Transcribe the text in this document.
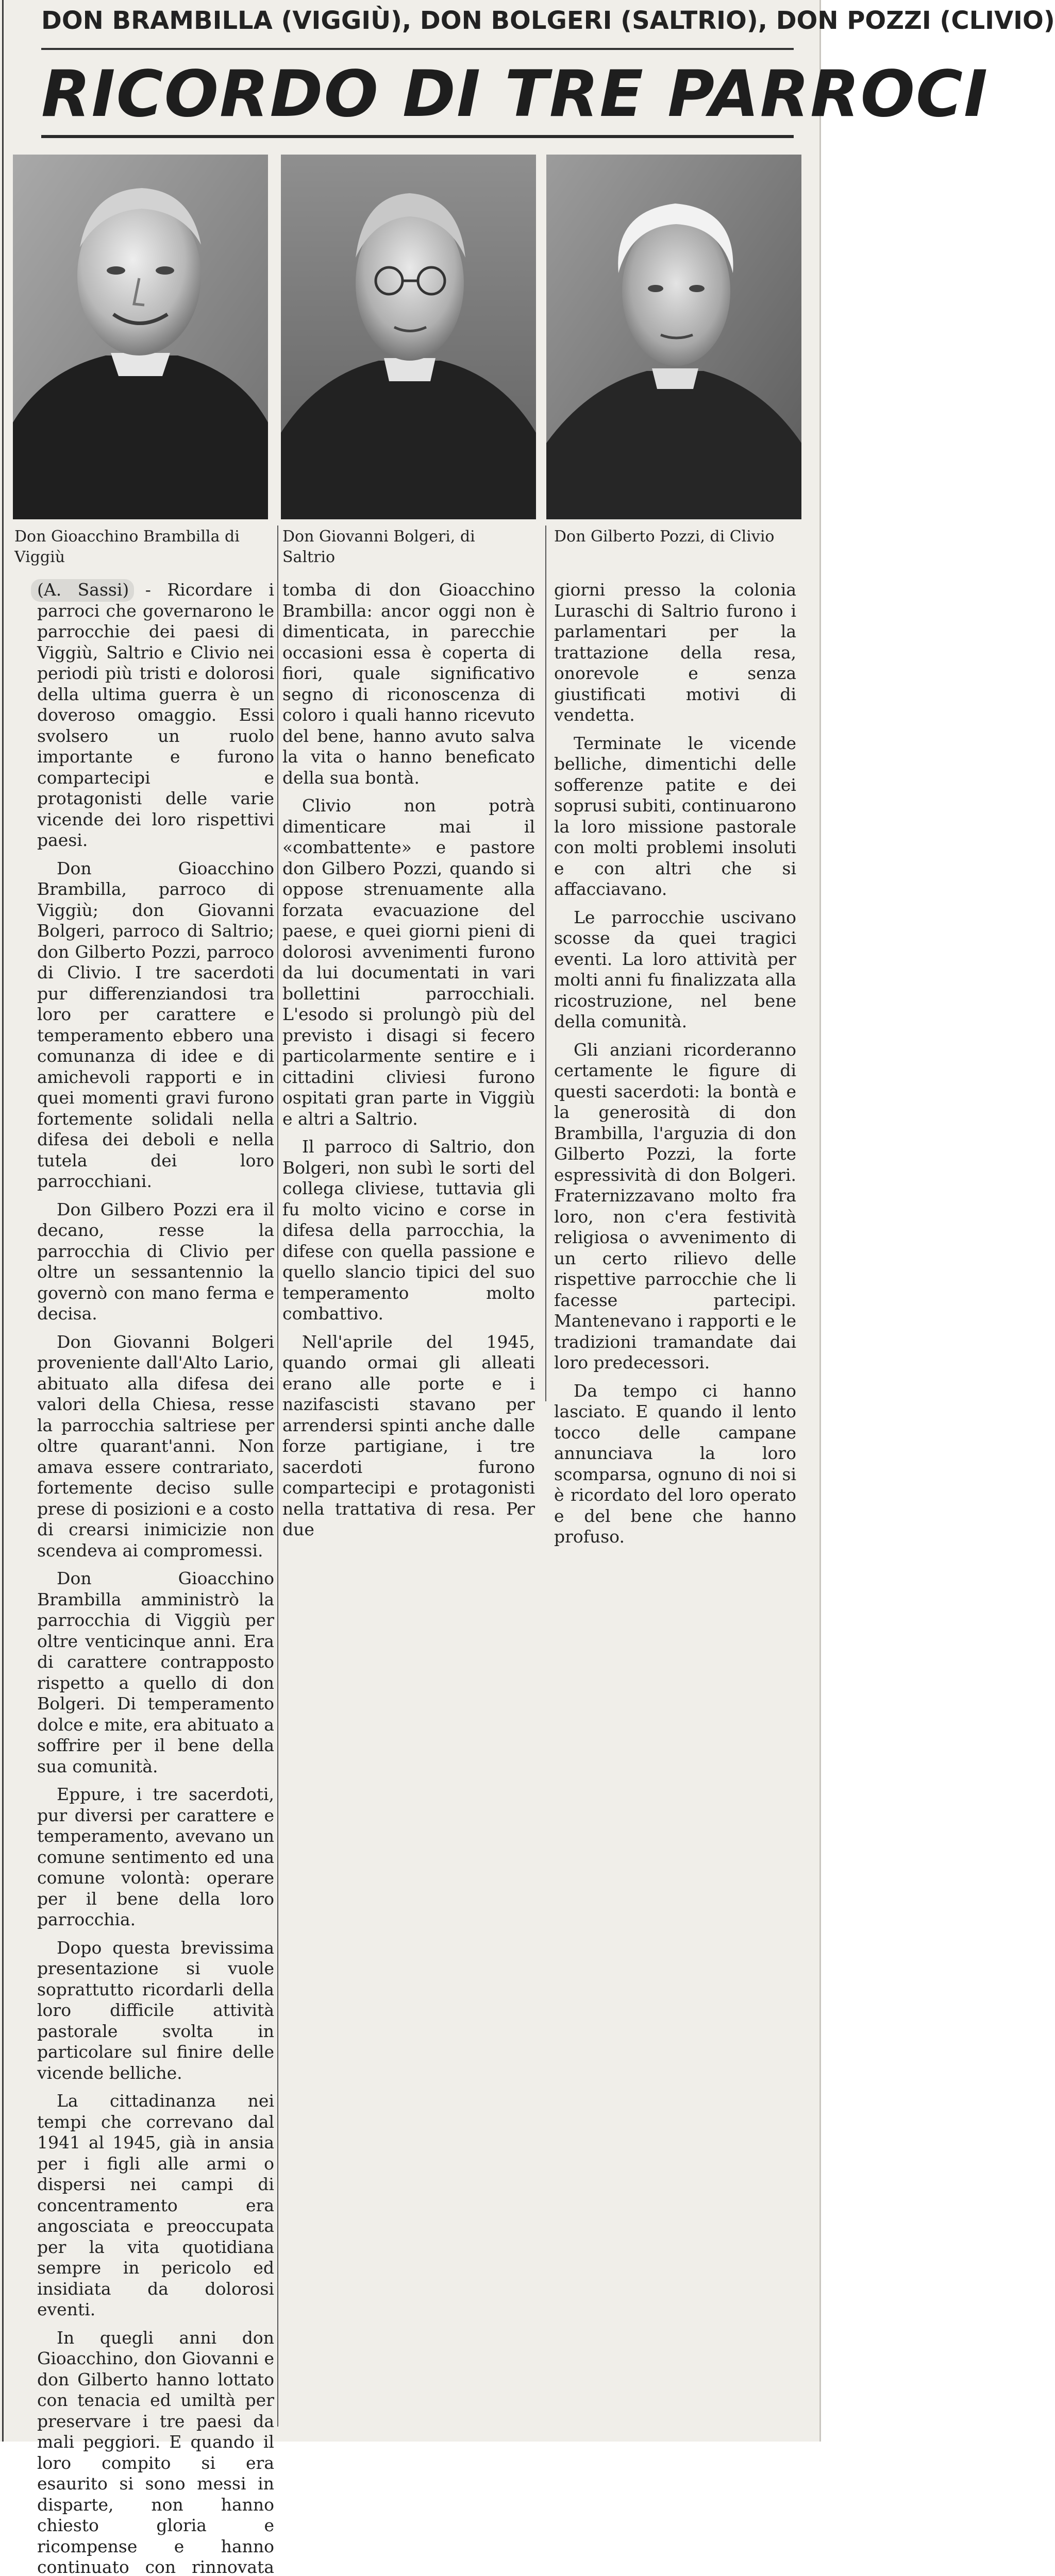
DON BRAMBILLA (VIGGIÙ), DON BOLGERI (SALTRIO), DON POZZI (CLIVIO)
RICORDO DI TRE PARROCI
Don Gioacchino Brambilla di Viggiù
Don Giovanni Bolgeri, di Saltrio
Don Gilberto Pozzi, di Clivio

(A. Sassi) - Ricordare i parroci che governarono le parrocchie dei paesi di Viggiù, Saltrio e Clivio nei periodi più tristi e dolorosi della ultima guerra è un doveroso omaggio. Essi svolsero un ruolo importante e furono compartecipi e protagonisti delle varie vicende dei loro rispettivi paesi.

Don Gioacchino Brambilla, parroco di Viggiù; don Giovanni Bolgeri, parroco di Saltrio; don Gilberto Pozzi, parroco di Clivio. I tre sacerdoti pur differenziandosi tra loro per carattere e temperamento ebbero una comunanza di idee e di amichevoli rapporti e in quei momenti gravi furono fortemente solidali nella difesa dei deboli e nella tutela dei loro parrocchiani.

Don Gilbero Pozzi era il decano, resse la parrocchia di Clivio per oltre un sessantennio la governò con mano ferma e decisa.

Don Giovanni Bolgeri proveniente dall'Alto Lario, abituato alla difesa dei valori della Chiesa, resse la parrocchia saltriese per oltre quarant'anni. Non amava essere contrariato, fortemente deciso sulle prese di posizioni e a costo di crearsi inimicizie non scendeva ai compromessi.

Don Gioacchino Brambilla amministrò la parrocchia di Viggiù per oltre venticinque anni. Era di carattere contrapposto rispetto a quello di don Bolgeri. Di temperamento dolce e mite, era abituato a soffrire per il bene della sua comunità.

Eppure, i tre sacerdoti, pur diversi per carattere e temperamento, avevano un comune sentimento ed una comune volontà: operare per il bene della loro parrocchia.

Dopo questa brevissima presentazione si vuole soprattutto ricordarli della loro difficile attività pastorale svolta in particolare sul finire delle vicende belliche.

La cittadinanza nei tempi che correvano dal 1941 al 1945, già in ansia per i figli alle armi o dispersi nei campi di concentramento era angosciata e preoccupata per la vita quotidiana sempre in pericolo ed insidiata da dolorosi eventi.

In quegli anni don Gioacchino, don Giovanni e don Gilberto hanno lottato con tenacia ed umiltà per preservare i tre paesi da mali peggiori. E quando il loro compito si era esaurito si sono messi in disparte, non hanno chiesto gloria e ricompense e hanno continuato con rinnovata

tomba di don Gioacchino Brambilla: ancor oggi non è dimenticata, in parecchie occasioni essa è coperta di fiori, quale significativo segno di riconoscenza di coloro i quali hanno ricevuto del bene, hanno avuto salva la vita o hanno beneficato della sua bontà.

Clivio non potrà dimenticare mai il «combattente» e pastore don Gilbero Pozzi, quando si oppose strenuamente alla forzata evacuazione del paese, e quei giorni pieni di dolorosi avvenimenti furono da lui documentati in vari bollettini parrocchiali. L'esodo si prolungò più del previsto i disagi si fecero particolarmente sentire e i cittadini cliviesi furono ospitati gran parte in Viggiù e altri a Saltrio.

Il parroco di Saltrio, don Bolgeri, non subì le sorti del collega cliviese, tuttavia gli fu molto vicino e corse in difesa della parrocchia, la difese con quella passione e quello slancio tipici del suo temperamento molto combattivo.

Nell'aprile del 1945, quando ormai gli alleati erano alle porte e i nazifascisti stavano per arrendersi spinti anche dalle forze partigiane, i tre sacerdoti furono compartecipi e protagonisti nella trattativa di resa. Per due

giorni presso la colonia Luraschi di Saltrio furono i parlamentari per la trattazione della resa, onorevole e senza giustificati motivi di vendetta.

Terminate le vicende belliche, dimentichi delle sofferenze patite e dei soprusi subiti, continuarono la loro missione pastorale con molti problemi insoluti e con altri che si affacciavano.

Le parrocchie uscivano scosse da quei tragici eventi. La loro attività per molti anni fu finalizzata alla ricostruzione, nel bene della comunità.

Gli anziani ricorderanno certamente le figure di questi sacerdoti: la bontà e la generosità di don Brambilla, l'arguzia di don Gilberto Pozzi, la forte espressività di don Bolgeri. Fraternizzavano molto fra loro, non c'era festività religiosa o avvenimento di un certo rilievo delle rispettive parrocchie che li facesse partecipi. Mantenevano i rapporti e le tradizioni tramandate dai loro predecessori.

Da tempo ci hanno lasciato. E quando il lento tocco delle campane annunciava la loro scomparsa, ognuno di noi si è ricordato del loro operato e del bene che hanno profuso.
